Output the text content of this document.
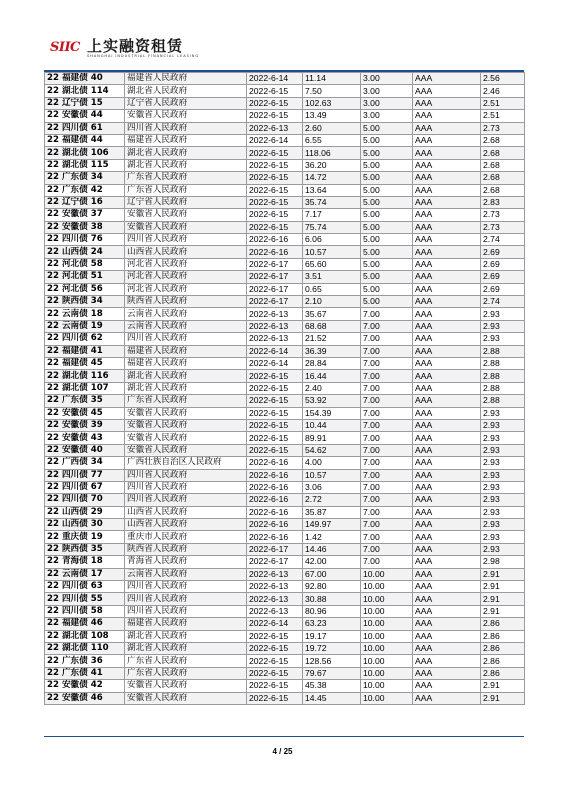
SIIC 上实融资租赁
SHANGHAI INDUSTRIAL FINANCIAL LEASING
22 福建债 40	福建省人民政府	2022-6-14	11.14	3.00	AAA	2.56
22 湖北债 114	湖北省人民政府	2022-6-15	7.50	3.00	AAA	2.46
22 辽宁债 15	辽宁省人民政府	2022-6-15	102.63	3.00	AAA	2.51
22 安徽债 44	安徽省人民政府	2022-6-15	13.49	3.00	AAA	2.51
22 四川债 61	四川省人民政府	2022-6-13	2.60	5.00	AAA	2.73
22 福建债 44	福建省人民政府	2022-6-14	6.55	5.00	AAA	2.68
22 湖北债 106	湖北省人民政府	2022-6-15	118.06	5.00	AAA	2.68
22 湖北债 115	湖北省人民政府	2022-6-15	36.20	5.00	AAA	2.68
22 广东债 34	广东省人民政府	2022-6-15	14.72	5.00	AAA	2.68
22 广东债 42	广东省人民政府	2022-6-15	13.64	5.00	AAA	2.68
22 辽宁债 16	辽宁省人民政府	2022-6-15	35.74	5.00	AAA	2.83
22 安徽债 37	安徽省人民政府	2022-6-15	7.17	5.00	AAA	2.73
22 安徽债 38	安徽省人民政府	2022-6-15	75.74	5.00	AAA	2.73
22 四川债 76	四川省人民政府	2022-6-16	6.06	5.00	AAA	2.74
22 山西债 24	山西省人民政府	2022-6-16	10.57	5.00	AAA	2.69
22 河北债 58	河北省人民政府	2022-6-17	65.60	5.00	AAA	2.69
22 河北债 51	河北省人民政府	2022-6-17	3.51	5.00	AAA	2.69
22 河北债 56	河北省人民政府	2022-6-17	0.65	5.00	AAA	2.69
22 陕西债 34	陕西省人民政府	2022-6-17	2.10	5.00	AAA	2.74
22 云南债 18	云南省人民政府	2022-6-13	35.67	7.00	AAA	2.93
22 云南债 19	云南省人民政府	2022-6-13	68.68	7.00	AAA	2.93
22 四川债 62	四川省人民政府	2022-6-13	21.52	7.00	AAA	2.93
22 福建债 41	福建省人民政府	2022-6-14	36.39	7.00	AAA	2.88
22 福建债 45	福建省人民政府	2022-6-14	28.84	7.00	AAA	2.88
22 湖北债 116	湖北省人民政府	2022-6-15	16.44	7.00	AAA	2.88
22 湖北债 107	湖北省人民政府	2022-6-15	2.40	7.00	AAA	2.88
22 广东债 35	广东省人民政府	2022-6-15	53.92	7.00	AAA	2.88
22 安徽债 45	安徽省人民政府	2022-6-15	154.39	7.00	AAA	2.93
22 安徽债 39	安徽省人民政府	2022-6-15	10.44	7.00	AAA	2.93
22 安徽债 43	安徽省人民政府	2022-6-15	89.91	7.00	AAA	2.93
22 安徽债 40	安徽省人民政府	2022-6-15	54.62	7.00	AAA	2.93
22 广西债 34	广西壮族自治区人民政府	2022-6-16	4.00	7.00	AAA	2.93
22 四川债 77	四川省人民政府	2022-6-16	10.57	7.00	AAA	2.93
22 四川债 67	四川省人民政府	2022-6-16	3.06	7.00	AAA	2.93
22 四川债 70	四川省人民政府	2022-6-16	2.72	7.00	AAA	2.93
22 山西债 29	山西省人民政府	2022-6-16	35.87	7.00	AAA	2.93
22 山西债 30	山西省人民政府	2022-6-16	149.97	7.00	AAA	2.93
22 重庆债 19	重庆市人民政府	2022-6-16	1.42	7.00	AAA	2.93
22 陕西债 35	陕西省人民政府	2022-6-17	14.46	7.00	AAA	2.93
22 青海债 18	青海省人民政府	2022-6-17	42.00	7.00	AAA	2.98
22 云南债 17	云南省人民政府	2022-6-13	67.00	10.00	AAA	2.91
22 四川债 63	四川省人民政府	2022-6-13	92.80	10.00	AAA	2.91
22 四川债 55	四川省人民政府	2022-6-13	30.88	10.00	AAA	2.91
22 四川债 58	四川省人民政府	2022-6-13	80.96	10.00	AAA	2.91
22 福建债 46	福建省人民政府	2022-6-14	63.23	10.00	AAA	2.86
22 湖北债 108	湖北省人民政府	2022-6-15	19.17	10.00	AAA	2.86
22 湖北债 110	湖北省人民政府	2022-6-15	19.72	10.00	AAA	2.86
22 广东债 36	广东省人民政府	2022-6-15	128.56	10.00	AAA	2.86
22 广东债 41	广东省人民政府	2022-6-15	79.67	10.00	AAA	2.86
22 安徽债 42	安徽省人民政府	2022-6-15	45.38	10.00	AAA	2.91
22 安徽债 46	安徽省人民政府	2022-6-15	14.45	10.00	AAA	2.91
4 / 25
